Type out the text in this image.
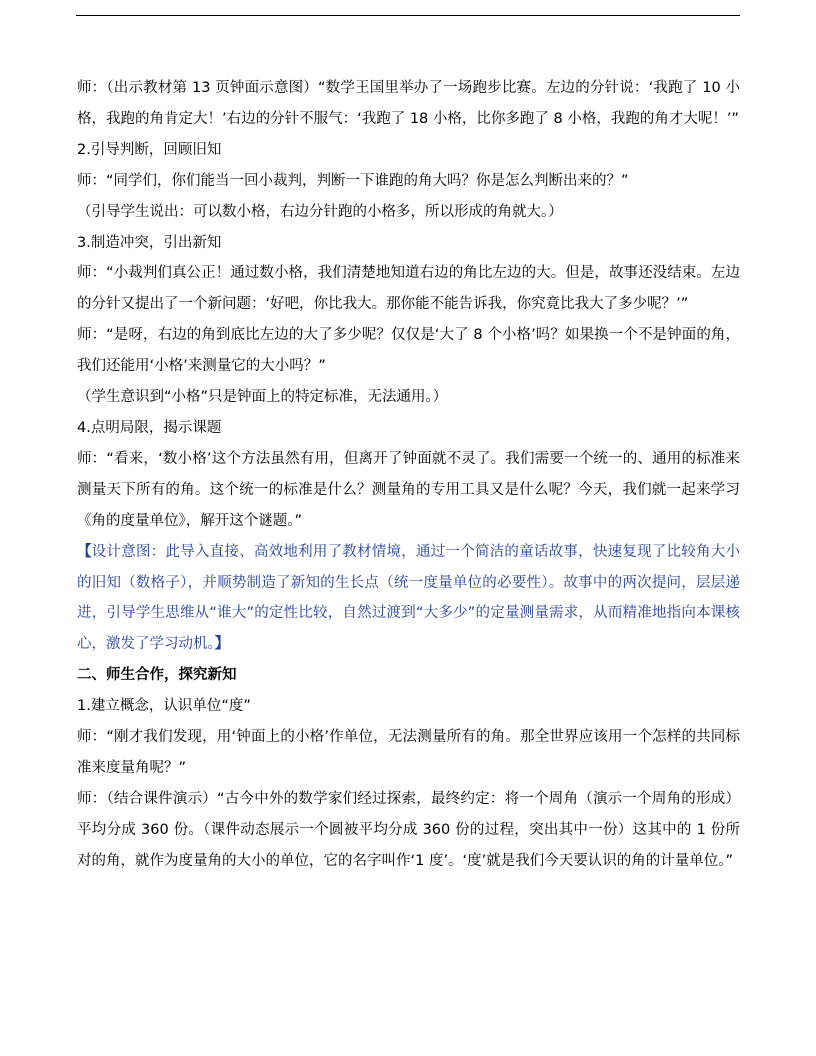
师：（出示教材第 13 页钟面示意图）“数学王国里举办了一场跑步比赛。左边的分针说：‘我跑了 10 小格，我跑的角肯定大！’右边的分针不服气：‘我跑了 18 小格，比你多跑了 8 小格，我跑的角才大呢！’”

2.引导判断，回顾旧知

师：“同学们，你们能当一回小裁判，判断一下谁跑的角大吗？你是怎么判断出来的？”

（引导学生说出：可以数小格，右边分针跑的小格多，所以形成的角就大。）

3.制造冲突，引出新知

师：“小裁判们真公正！通过数小格，我们清楚地知道右边的角比左边的大。但是，故事还没结束。左边的分针又提出了一个新问题：‘好吧，你比我大。那你能不能告诉我，你究竟比我大了多少呢？’”

师：“是呀，右边的角到底比左边的大了多少呢？仅仅是‘大了 8 个小格’吗？如果换一个不是钟面的角，我们还能用‘小格’来测量它的大小吗？”

（学生意识到“小格”只是钟面上的特定标准，无法通用。）

4.点明局限，揭示课题

师：“看来，‘数小格’这个方法虽然有用，但离开了钟面就不灵了。我们需要一个统一的、通用的标准来测量天下所有的角。这个统一的标准是什么？测量角的专用工具又是什么呢？今天，我们就一起来学习《角的度量单位》，解开这个谜题。”

【设计意图：此导入直接、高效地利用了教材情境，通过一个简洁的童话故事，快速复现了比较角大小的旧知（数格子），并顺势制造了新知的生长点（统一度量单位的必要性）。故事中的两次提问，层层递进，引导学生思维从“谁大”的定性比较，自然过渡到“大多少”的定量测量需求，从而精准地指向本课核心，激发了学习动机。】

二、师生合作，探究新知

1.建立概念，认识单位“度”

师：“刚才我们发现，用‘钟面上的小格’作单位，无法测量所有的角。那全世界应该用一个怎样的共同标准来度量角呢？”

师：（结合课件演示）“古今中外的数学家们经过探索，最终约定：将一个周角（演示一个周角的形成）平均分成 360 份。（课件动态展示一个圆被平均分成 360 份的过程，突出其中一份）这其中的 1 份所对的角，就作为度量角的大小的单位，它的名字叫作‘1 度’。‘度’就是我们今天要认识的角的计量单位。”
